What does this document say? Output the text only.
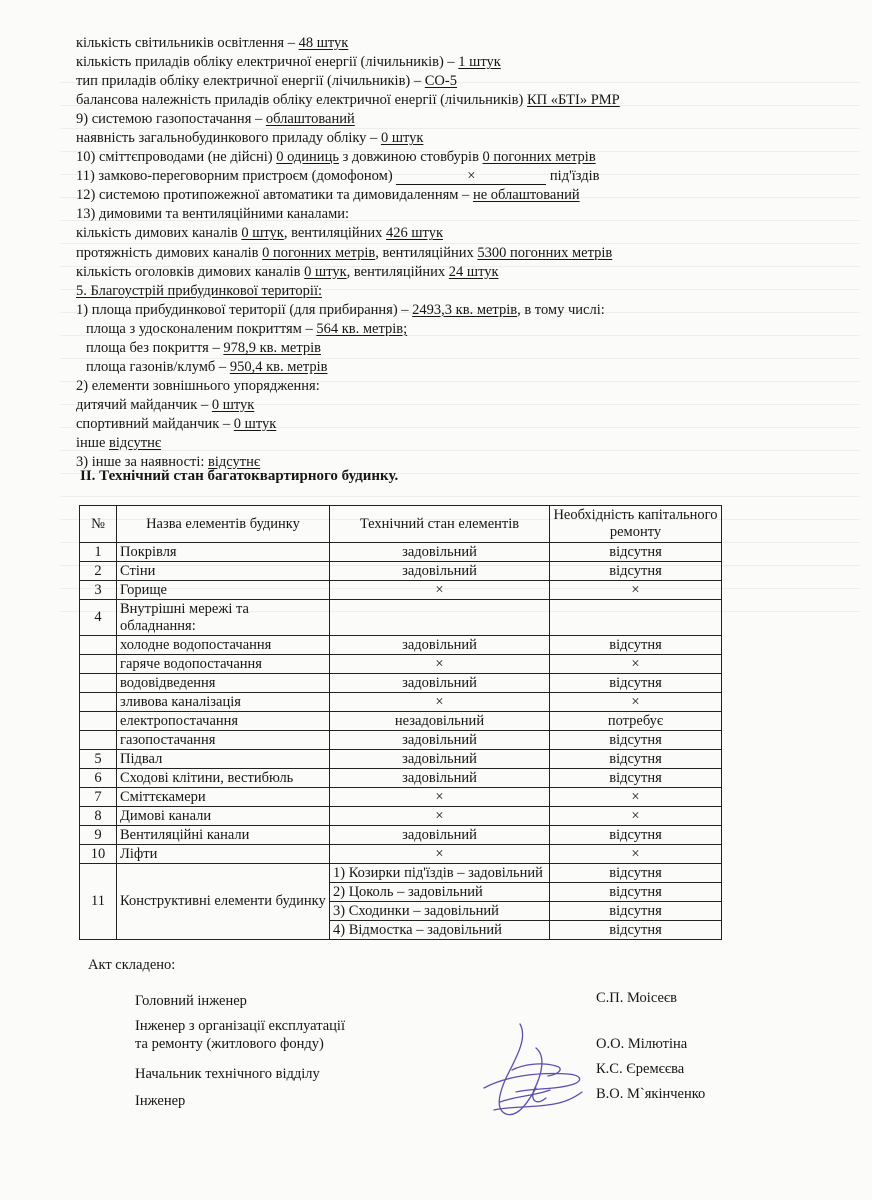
кількість світильників освітлення – 48 штук
кількість приладів обліку електричної енергії (лічильників) – 1 штук
тип приладів обліку електричної енергії (лічильників) – СО-5
балансова належність приладів обліку електричної енергії (лічильників) КП «БТІ» РМР
9) системою газопостачання – облаштований
наявність загальнобудинкового приладу обліку – 0 штук
10) сміттєпроводами (не дійсні) 0 одиниць з довжиною стовбурів 0 погонних метрів
11) замково-переговорним пристроєм (домофоном)	×	під'їздів
12) системою протипожежної автоматики та димовидаленням – не облаштований
13) димовими та вентиляційними каналами:
кількість димових каналів 0 штук, вентиляційних 426 штук
протяжність димових каналів 0 погонних метрів, вентиляційних 5300 погонних метрів
кількість оголовків димових каналів 0 штук, вентиляційних 24 штук
5. Благоустрій прибудинкової території:
1) площа прибудинкової території (для прибирання) – 2493,3 кв. метрів, в тому числі:
площа з удосконаленим покриттям – 564 кв. метрів;
площа без покриття – 978,9 кв. метрів
площа газонів/клумб – 950,4 кв. метрів
2) елементи зовнішнього упорядження:
дитячий майданчик – 0 штук
спортивний майданчик – 0 штук
інше відсутнє
3) інше за наявності: відсутнє
II. Технічний стан багатоквартирного будинку.
№	Назва елементів будинку	Технічний стан елементів	Необхідність капітального ремонту
1	Покрівля	задовільний	відсутня
2	Стіни	задовільний	відсутня
3	Горище	×	×
4	Внутрішні мережі та обладнання:		
	холодне водопостачання	задовільний	відсутня
	гаряче водопостачання	×	×
	водовідведення	задовільний	відсутня
	зливова каналізація	×	×
	електропостачання	незадовільний	потребує
	газопостачання	задовільний	відсутня
5	Підвал	задовільний	відсутня
6	Сходові клітини, вестибюль	задовільний	відсутня
7	Сміттєкамери	×	×
8	Димові канали	×	×
9	Вентиляційні канали	задовільний	відсутня
10	Ліфти	×	×
11	Конструктивні елементи будинку	1) Козирки під'їздів – задовільний	відсутня
		2) Цоколь – задовільний	відсутня
		3) Сходинки – задовільний	відсутня
		4) Відмостка – задовільний	відсутня
Акт складено:
Головний інженер
Інженер з організації експлуатації
та ремонту (житлового фонду)
Начальник технічного відділу
Інженер
С.П. Моісеєв
О.О. Мілютіна
К.С. Єремєєва
В.О. М`якінченко
